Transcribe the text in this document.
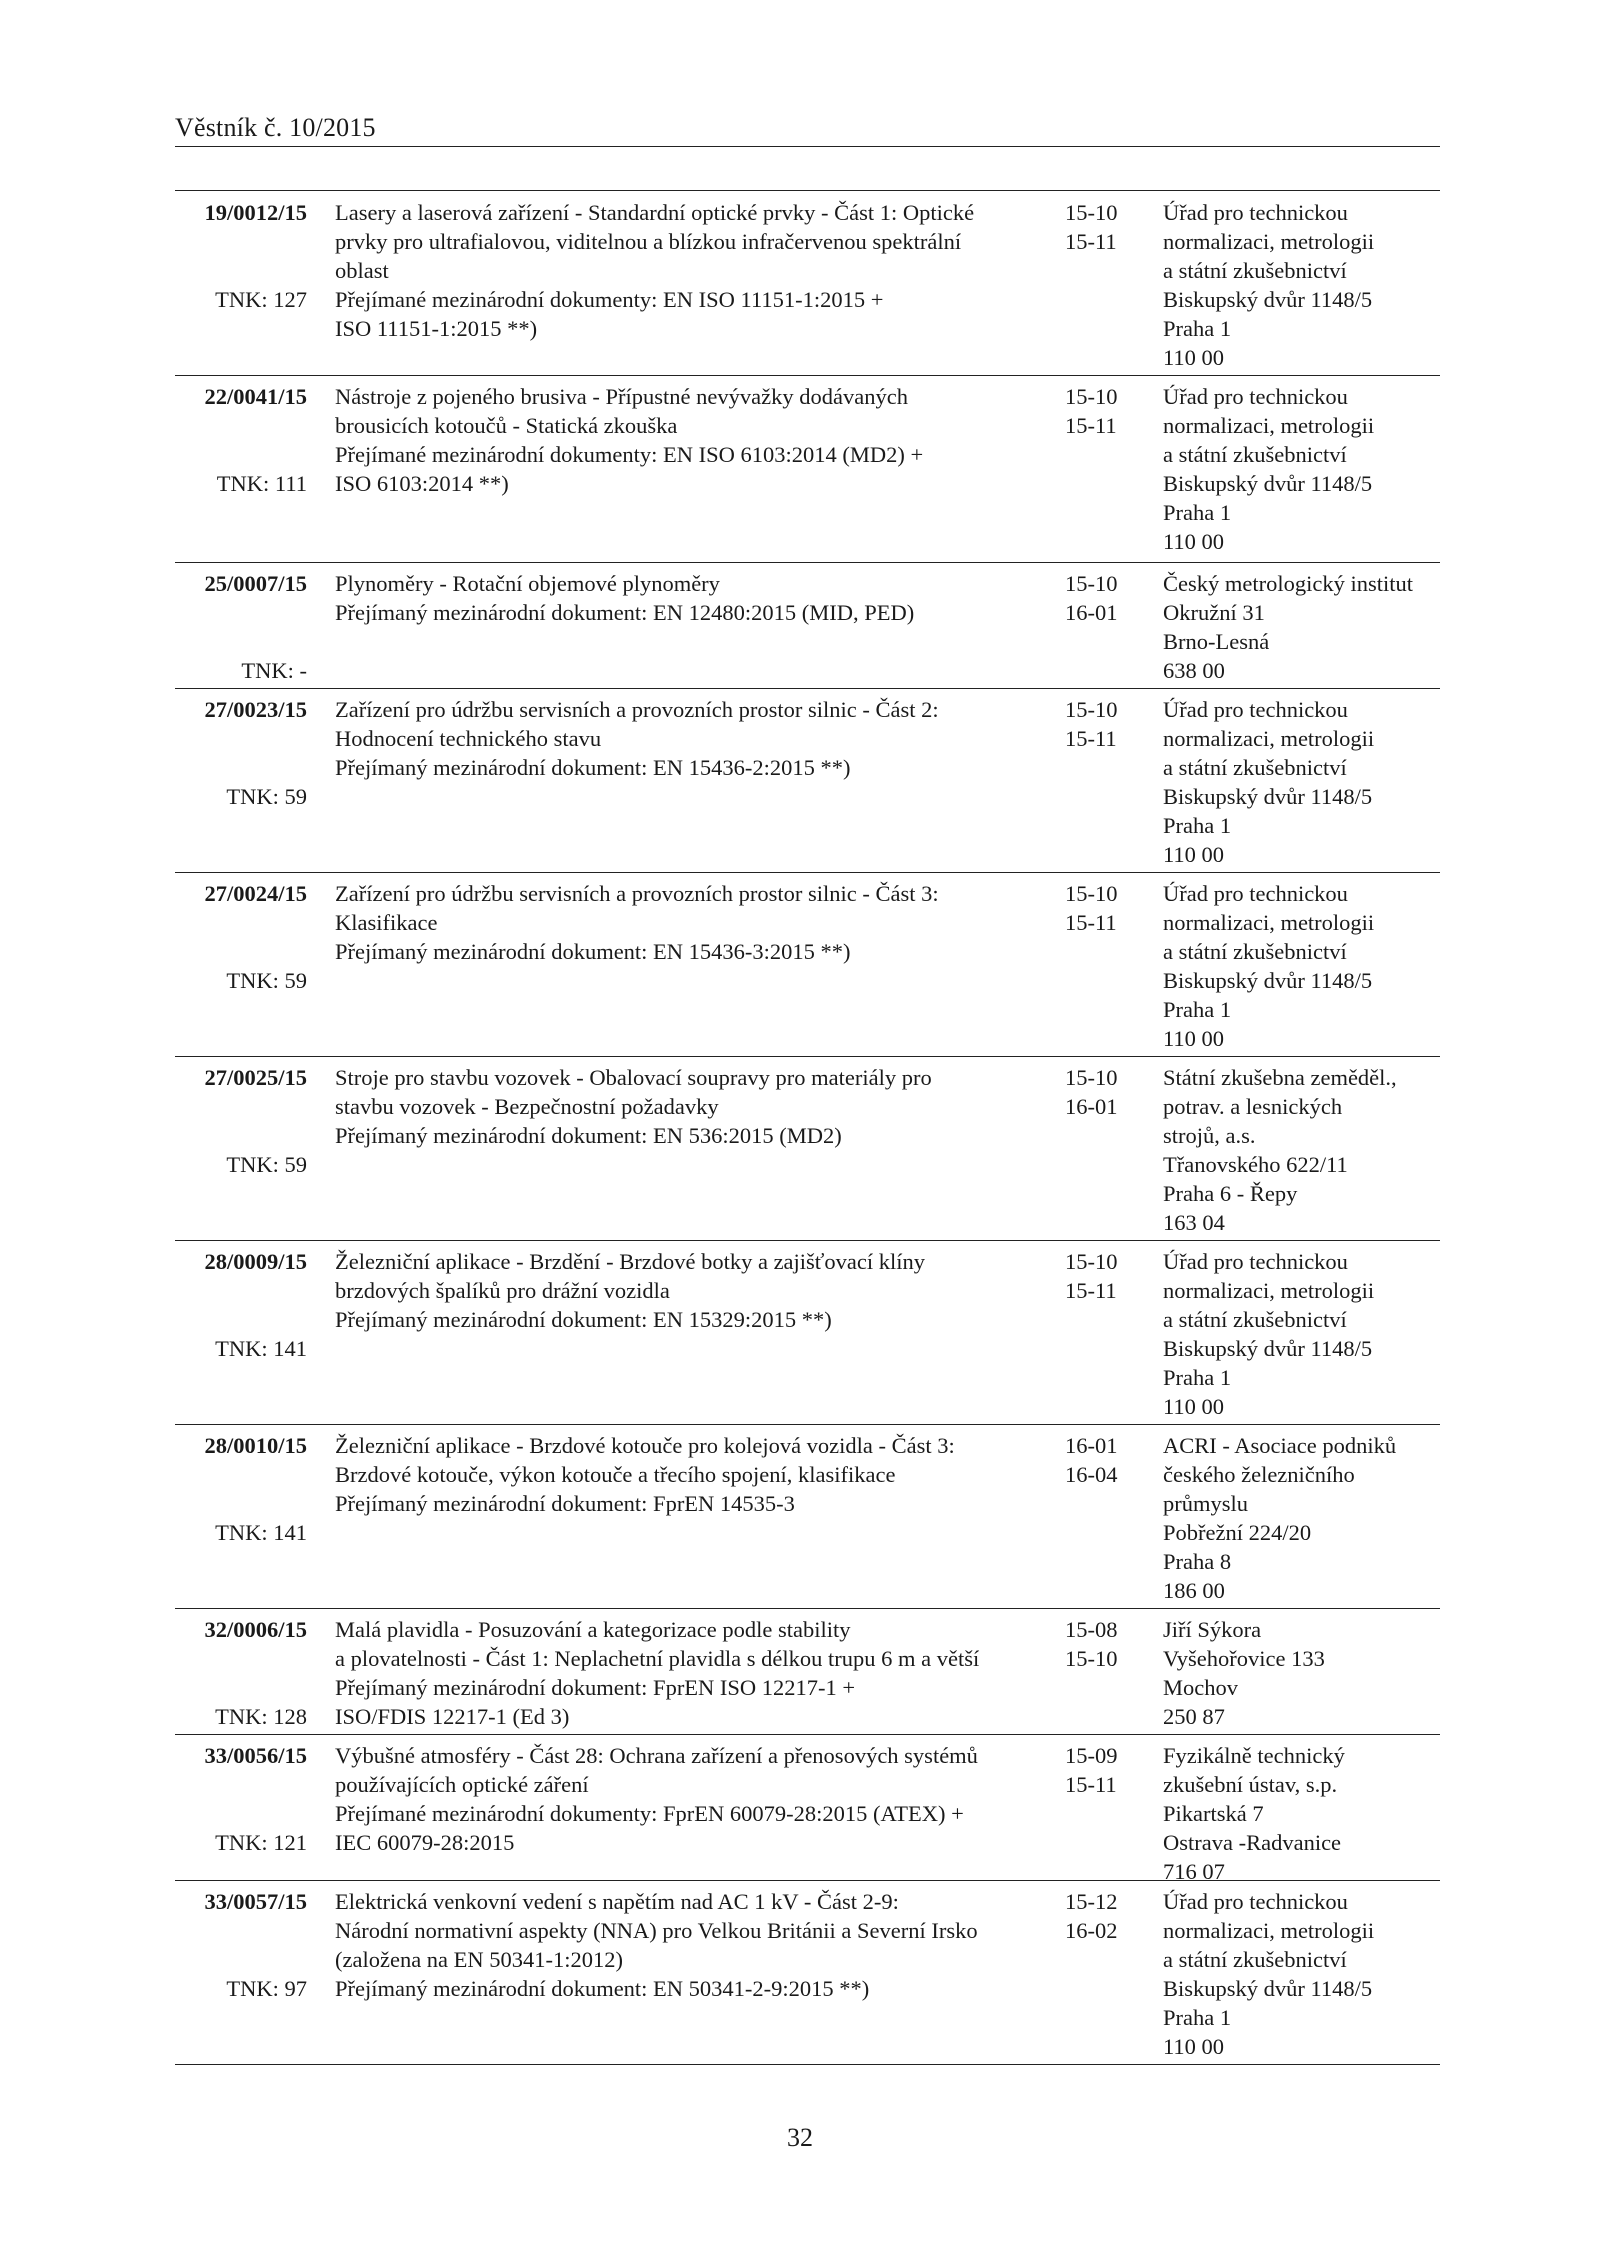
Věstník č. 10/2015
19/0012/15
TNK: 127
Lasery a laserová zařízení - Standardní optické prvky - Část 1: Optické
prvky pro ultrafialovou, viditelnou a blízkou infračervenou spektrální
oblast
Přejímané mezinárodní dokumenty: EN ISO 11151-1:2015 +
ISO 11151-1:2015 **)
15-10
15-11
Úřad pro technickou
normalizaci, metrologii
a státní zkušebnictví
Biskupský dvůr 1148/5
Praha 1
110 00
22/0041/15
TNK: 111
Nástroje z pojeného brusiva - Přípustné nevývažky dodávaných
brousicích kotoučů - Statická zkouška
Přejímané mezinárodní dokumenty: EN ISO 6103:2014 (MD2) +
ISO 6103:2014 **)
15-10
15-11
Úřad pro technickou
normalizaci, metrologii
a státní zkušebnictví
Biskupský dvůr 1148/5
Praha 1
110 00
25/0007/15
TNK: -
Plynoměry - Rotační objemové plynoměry
Přejímaný mezinárodní dokument: EN 12480:2015 (MID, PED)
15-10
16-01
Český metrologický institut
Okružní 31
Brno-Lesná
638 00
27/0023/15
TNK: 59
Zařízení pro údržbu servisních a provozních prostor silnic - Část 2:
Hodnocení technického stavu
Přejímaný mezinárodní dokument: EN 15436-2:2015 **)
15-10
15-11
Úřad pro technickou
normalizaci, metrologii
a státní zkušebnictví
Biskupský dvůr 1148/5
Praha 1
110 00
27/0024/15
TNK: 59
Zařízení pro údržbu servisních a provozních prostor silnic - Část 3:
Klasifikace
Přejímaný mezinárodní dokument: EN 15436-3:2015 **)
15-10
15-11
Úřad pro technickou
normalizaci, metrologii
a státní zkušebnictví
Biskupský dvůr 1148/5
Praha 1
110 00
27/0025/15
TNK: 59
Stroje pro stavbu vozovek - Obalovací soupravy pro materiály pro
stavbu vozovek - Bezpečnostní požadavky
Přejímaný mezinárodní dokument: EN 536:2015 (MD2)
15-10
16-01
Státní zkušebna zeměděl.,
potrav. a lesnických
strojů, a.s.
Třanovského 622/11
Praha 6 - Řepy
163 04
28/0009/15
TNK: 141
Železniční aplikace - Brzdění - Brzdové botky a zajišťovací klíny
brzdových špalíků pro drážní vozidla
Přejímaný mezinárodní dokument: EN 15329:2015 **)
15-10
15-11
Úřad pro technickou
normalizaci, metrologii
a státní zkušebnictví
Biskupský dvůr 1148/5
Praha 1
110 00
28/0010/15
TNK: 141
Železniční aplikace - Brzdové kotouče pro kolejová vozidla - Část 3:
Brzdové kotouče, výkon kotouče a třecího spojení, klasifikace
Přejímaný mezinárodní dokument: FprEN 14535-3
16-01
16-04
ACRI - Asociace podniků
českého železničního
průmyslu
Pobřežní 224/20
Praha 8
186 00
32/0006/15
TNK: 128
Malá plavidla - Posuzování a kategorizace podle stability
a plovatelnosti - Část 1: Neplachetní plavidla s délkou trupu 6 m a větší
Přejímaný mezinárodní dokument: FprEN ISO 12217-1 +
ISO/FDIS 12217-1 (Ed 3)
15-08
15-10
Jiří Sýkora
Vyšehořovice 133
Mochov
250 87
33/0056/15
TNK: 121
Výbušné atmosféry - Část 28: Ochrana zařízení a přenosových systémů
používajících optické záření
Přejímané mezinárodní dokumenty: FprEN 60079-28:2015 (ATEX) +
IEC 60079-28:2015
15-09
15-11
Fyzikálně technický
zkušební ústav, s.p.
Pikartská 7
Ostrava -Radvanice
716 07
33/0057/15
TNK: 97
Elektrická venkovní vedení s napětím nad AC 1 kV - Část 2-9:
Národní normativní aspekty (NNA) pro Velkou Británii a Severní Irsko
(založena na EN 50341-1:2012)
Přejímaný mezinárodní dokument: EN 50341-2-9:2015 **)
15-12
16-02
Úřad pro technickou
normalizaci, metrologii
a státní zkušebnictví
Biskupský dvůr 1148/5
Praha 1
110 00
32
